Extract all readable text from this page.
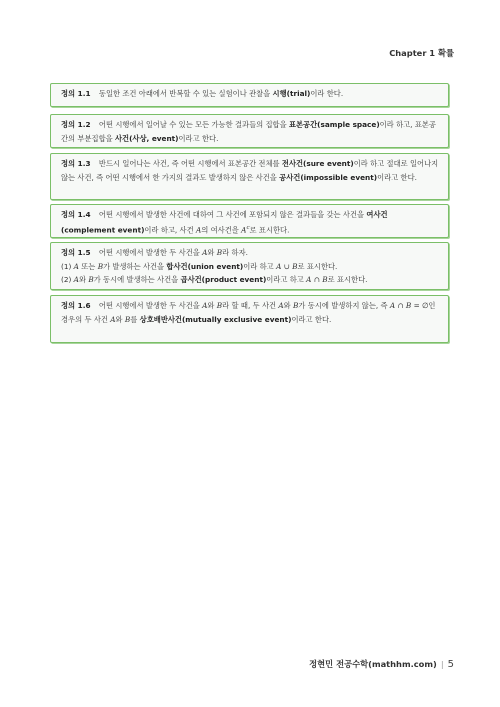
Chapter 1 확률
정의 1.1 동일한 조건 아래에서 반복할 수 있는 실험이나 관찰을 시행(trial)이라 한다.
정의 1.2 어떤 시행에서 일어날 수 있는 모든 가능한 결과들의 집합을 표본공간(sample space)이라 하고, 표본공간의 부분집합을 사건(사상, event)이라고 한다.
정의 1.3 반드시 일어나는 사건, 즉 어떤 시행에서 표본공간 전체를 전사건(sure event)이라 하고 절대로 일어나지 않는 사건, 즉 어떤 시행에서 한 가지의 결과도 발생하지 않은 사건을 공사건(impossible event)이라고 한다.
정의 1.4 어떤 시행에서 발생한 사건에 대하여 그 사건에 포함되지 않은 결과들을 갖는 사건을 여사건(complement event)이라 하고, 사건 A의 여사건을 $A^c$로 표시한다.
정의 1.5 어떤 시행에서 발생한 두 사건을 A와 B라 하자.
(1) A 또는 B가 발생하는 사건을 합사건(union event)이라 하고 A ∪ B로 표시한다.
(2) A와 B가 동시에 발생하는 사건을 곱사건(product event)이라고 하고 A ∩ B로 표시한다.
정의 1.6 어떤 시행에서 발생한 두 사건을 A와 B라 할 때, 두 사건 A와 B가 동시에 발생하지 않는, 즉 A ∩ B = ∅인 경우의 두 사건 A와 B를 상호배반사건(mutually exclusive event)이라고 한다.
정현민 전공수학(mathhm.com) | 5
